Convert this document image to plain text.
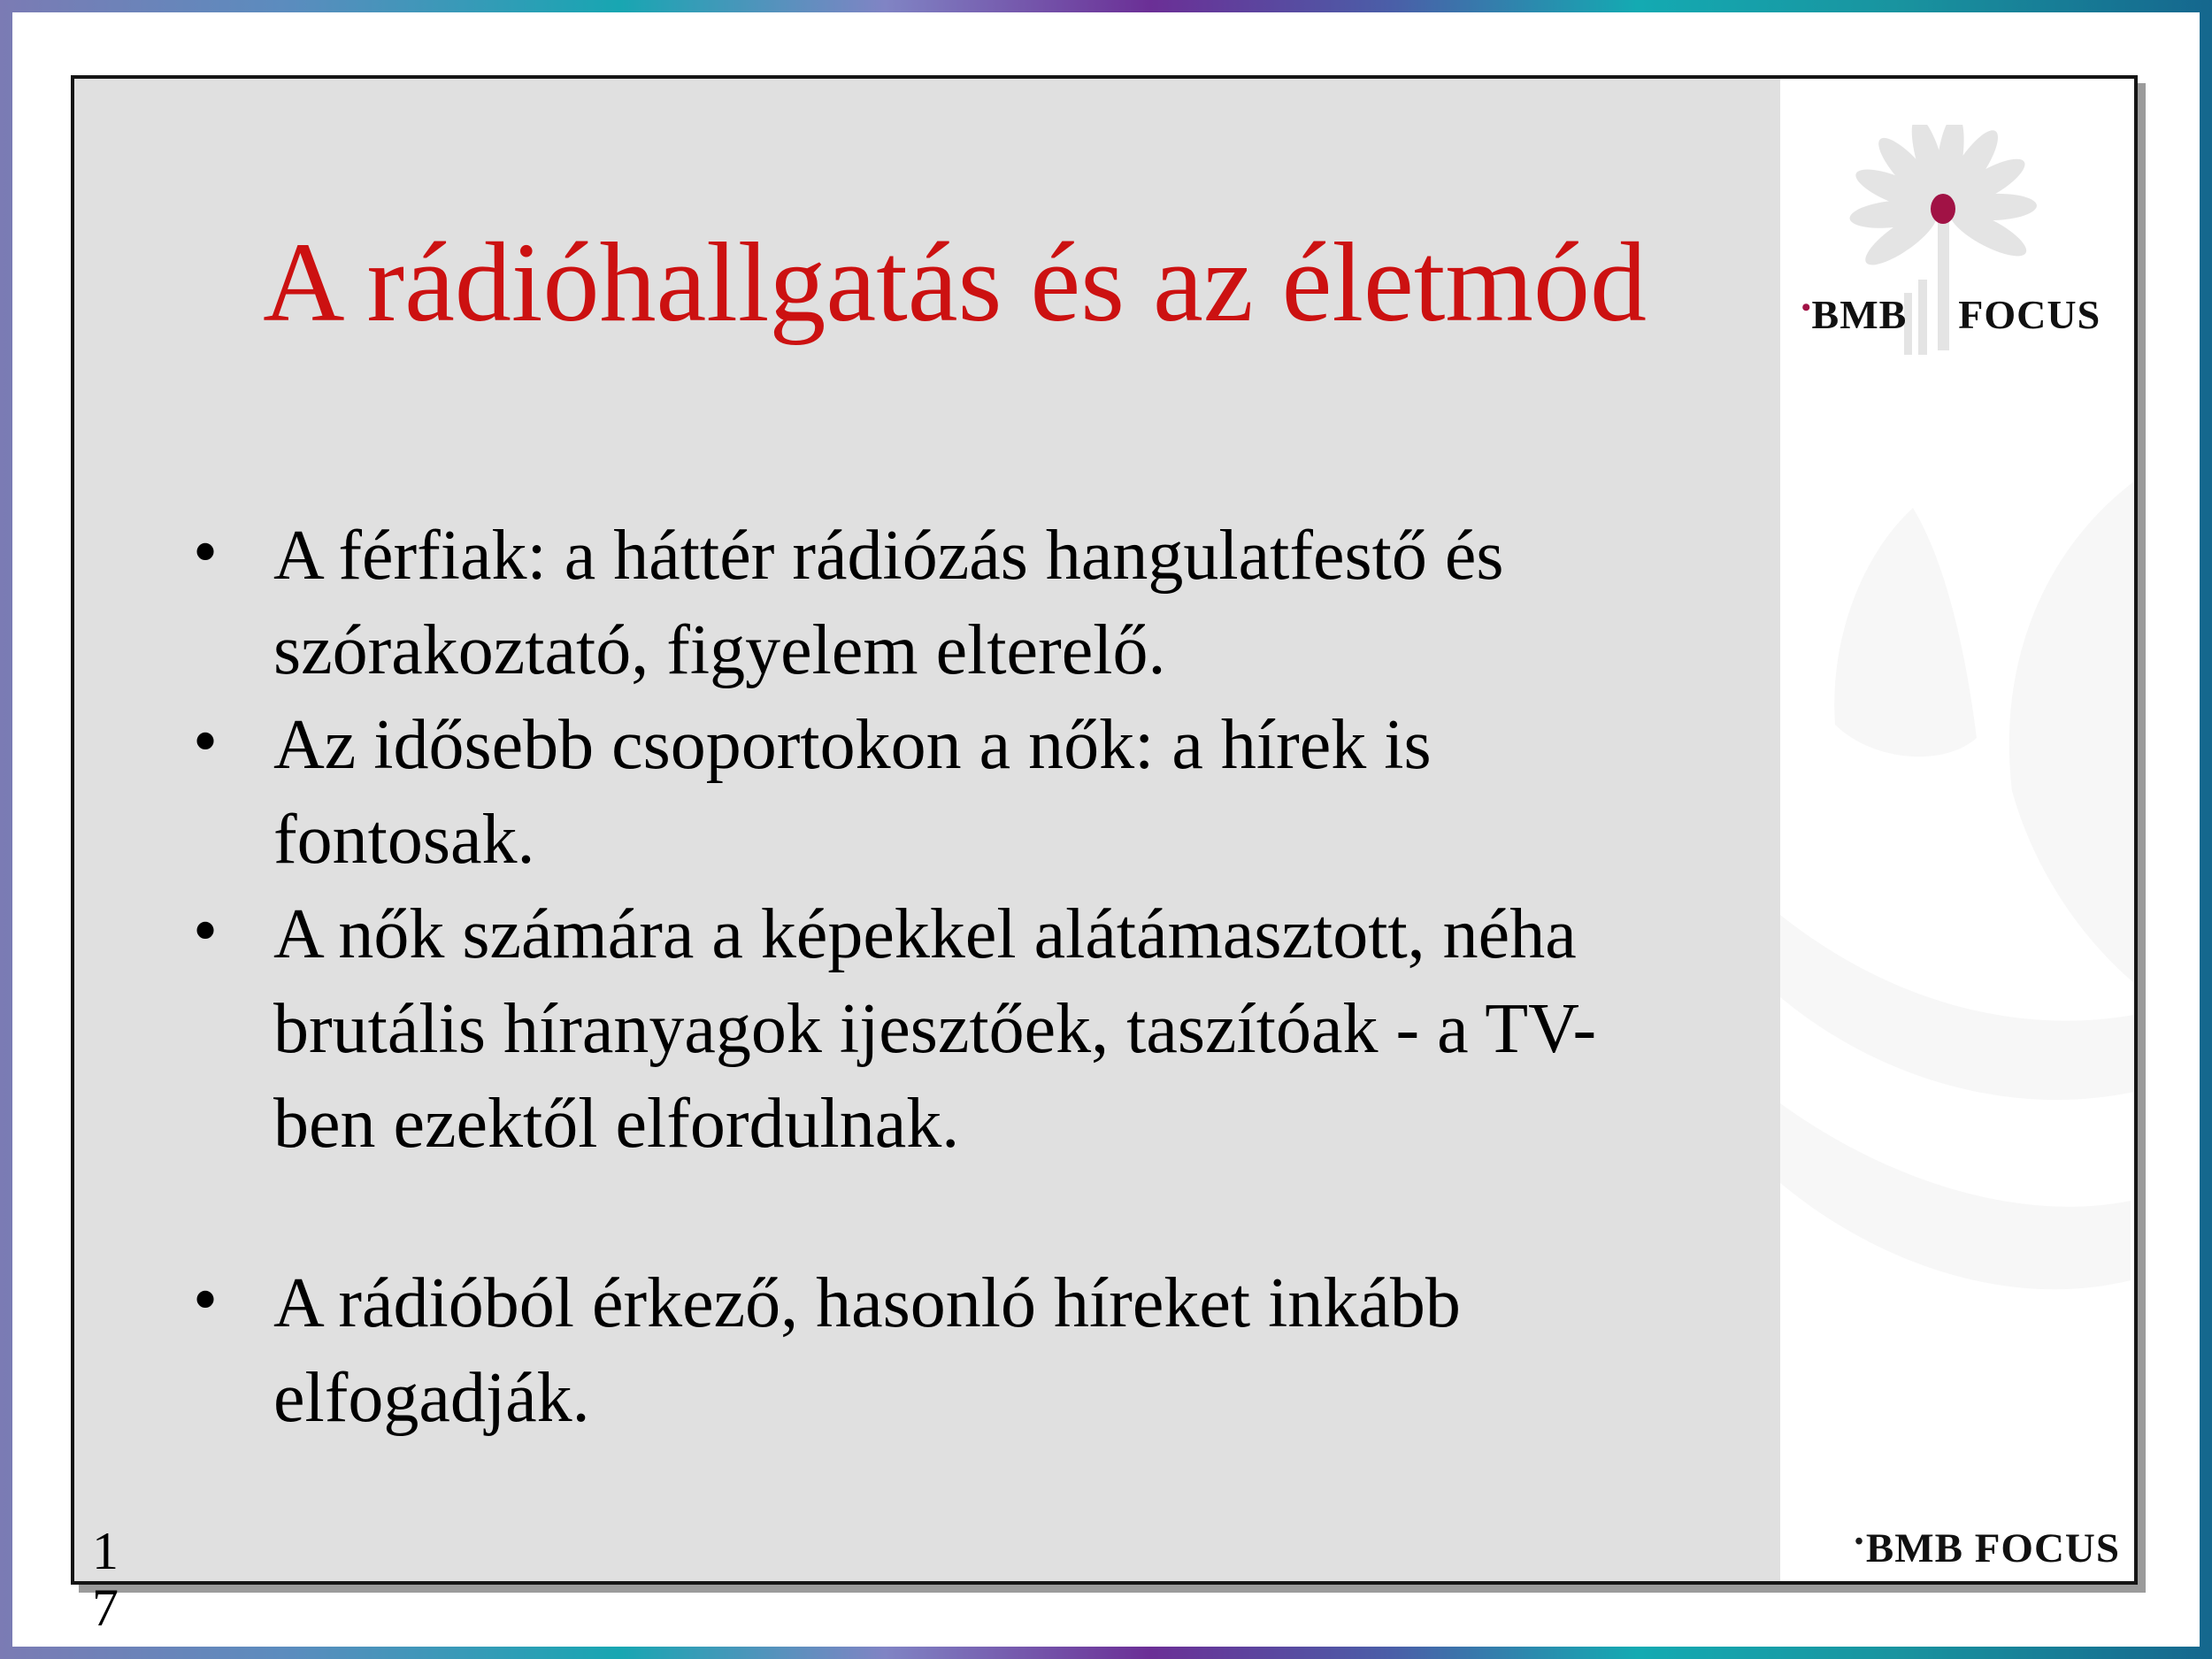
A rádióhallgatás és az életmód
• A férfiak: a háttér rádiózás hangulatfestő és szórakoztató, figyelem elterelő.
• Az idősebb csoportokon a nők: a hírek is fontosak.
• A nők számára a képekkel alátámasztott, néha brutális híranyagok ijesztőek, taszítóak - a TV-ben ezektől elfordulnak.
• A rádióból érkező, hasonló híreket inkább elfogadják.
1
7
•BMB FOCUS
•BMB FOCUS
